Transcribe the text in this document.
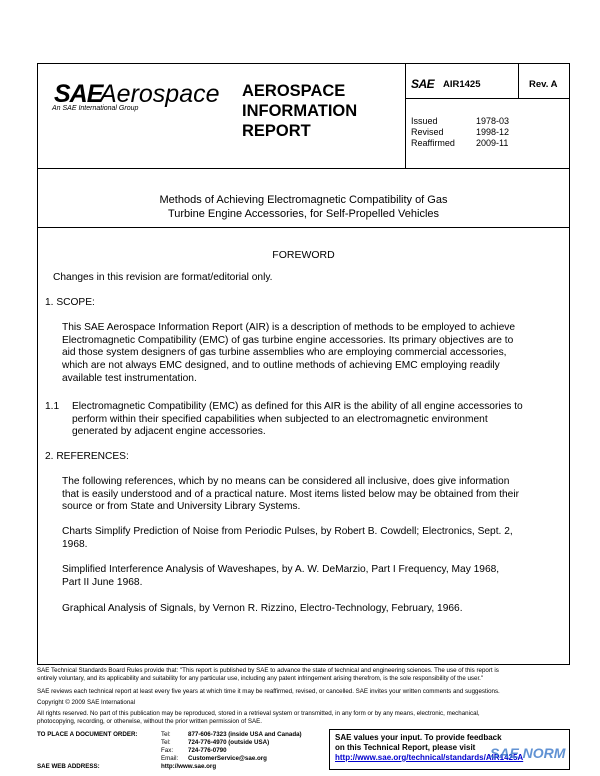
SAE
Aerospace
An SAE International Group
AEROSPACE
INFORMATION
REPORT
SAE AIR1425	Rev. A
Issued	1978-03
Revised	1998-12
Reaffirmed 2009-11
Methods of Achieving Electromagnetic Compatibility of Gas
Turbine Engine Accessories, for Self-Propelled Vehicles
FOREWORD
Changes in this revision are format/editorial only.
1. SCOPE:
This SAE Aerospace Information Report (AIR) is a description of methods to be employed to achieve
Electromagnetic Compatibility (EMC) of gas turbine engine accessories. Its primary objectives are to
aid those system designers of gas turbine assemblies who are employing commercial accessories,
which are not always EMC designed, and to outline methods of achieving EMC employing readily
available test instrumentation.
1.1 Electromagnetic Compatibility (EMC) as defined for this AIR is the ability of all engine accessories to
perform within their specified capabilities when subjected to an electromagnetic environment
generated by adjacent engine accessories.
2. REFERENCES:
The following references, which by no means can be considered all inclusive, does give information
that is easily understood and of a practical nature. Most items listed below may be obtained from their
source or from State and University Library Systems.
Charts Simplify Prediction of Noise from Periodic Pulses, by Robert B. Cowdell; Electronics, Sept. 2,
1968.
Simplified Interference Analysis of Waveshapes, by A. W. DeMarzio, Part I Frequency, May 1968,
Part II June 1968.
Graphical Analysis of Signals, by Vernon R. Rizzino, Electro-Technology, February, 1966.
SAE Technical Standards Board Rules provide that: "This report is published by SAE to advance the state of technical and engineering sciences. The use of this report is
entirely voluntary, and its applicability and suitability for any particular use, including any patent infringement arising therefrom, is the sole responsibility of the user."
SAE reviews each technical report at least every five years at which time it may be reaffirmed, revised, or cancelled. SAE invites your written comments and suggestions.
Copyright © 2009 SAE International
All rights reserved. No part of this publication may be reproduced, stored in a retrieval system or transmitted, in any form or by any means, electronic, mechanical,
photocopying, recording, or otherwise, without the prior written permission of SAE.
TO PLACE A DOCUMENT ORDER:	Tel:	877-606-7323 (inside USA and Canada)
Tel:	724-776-4970 (outside USA)
Fax: 724-776-0790
Email: CustomerService@sae.org
SAE WEB ADDRESS:	http://www.sae.org
SAE values your input. To provide feedback
on this Technical Report, please visit
http://www.sae.org/technical/standards/AIR1425A
SAE NORM
